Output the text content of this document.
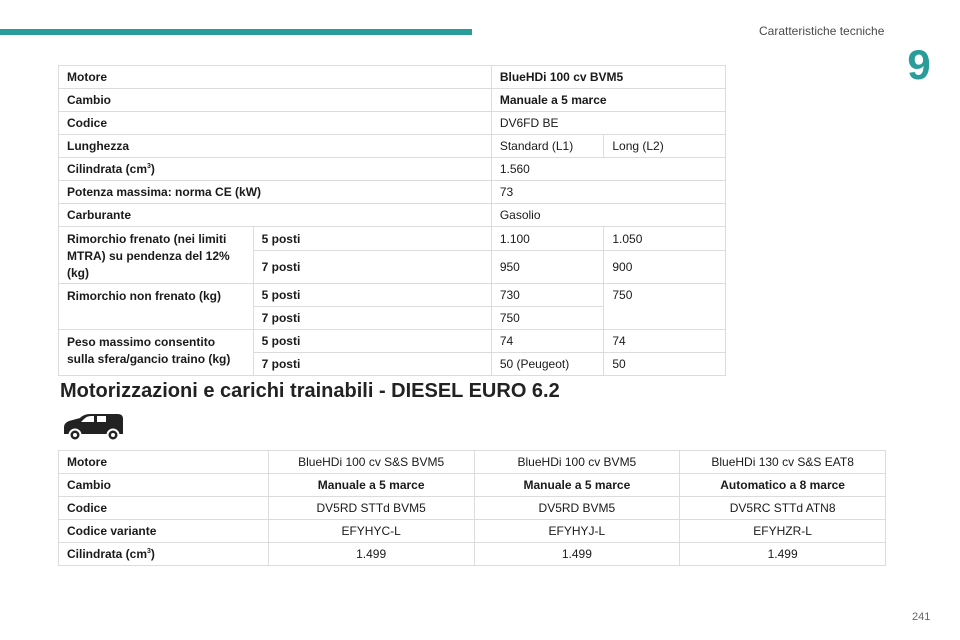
Caratteristiche tecniche
9
Motore		BlueHDi 100 cv BVM5	
Cambio		Manuale a 5 marce	
Codice		DV6FD BE	
Lunghezza		Standard (L1)	Long (L2)
Cilindrata $(cm^3)$		1.560	
Potenza massima: norma CE (kW)		73	
Carburante		Gasolio	
Rimorchio frenato (nei limiti MTRA) su pendenza del 12% (kg)	5 posti	1.100	1.050
	7 posti	950	900
Rimorchio non frenato (kg)	5 posti	730	750
	7 posti	750	
Peso massimo consentito sulla sfera/gancio traino (kg)	5 posti	74	74
	7 posti	50 (Peugeot)	50
Motorizzazioni e carichi trainabili - DIESEL EURO 6.2
Motore	BlueHDi 100 cv S&S BVM5	BlueHDi 100 cv BVM5	BlueHDi 130 cv S&S EAT8
Cambio	Manuale a 5 marce	Manuale a 5 marce	Automatico a 8 marce
Codice	DV5RD STTd BVM5	DV5RD BVM5	DV5RC STTd ATN8
Codice variante	EFYHYC-L	EFYHYJ-L	EFYHZR-L
Cilindrata $(cm^3)$	1.499	1.499	1.499
241
